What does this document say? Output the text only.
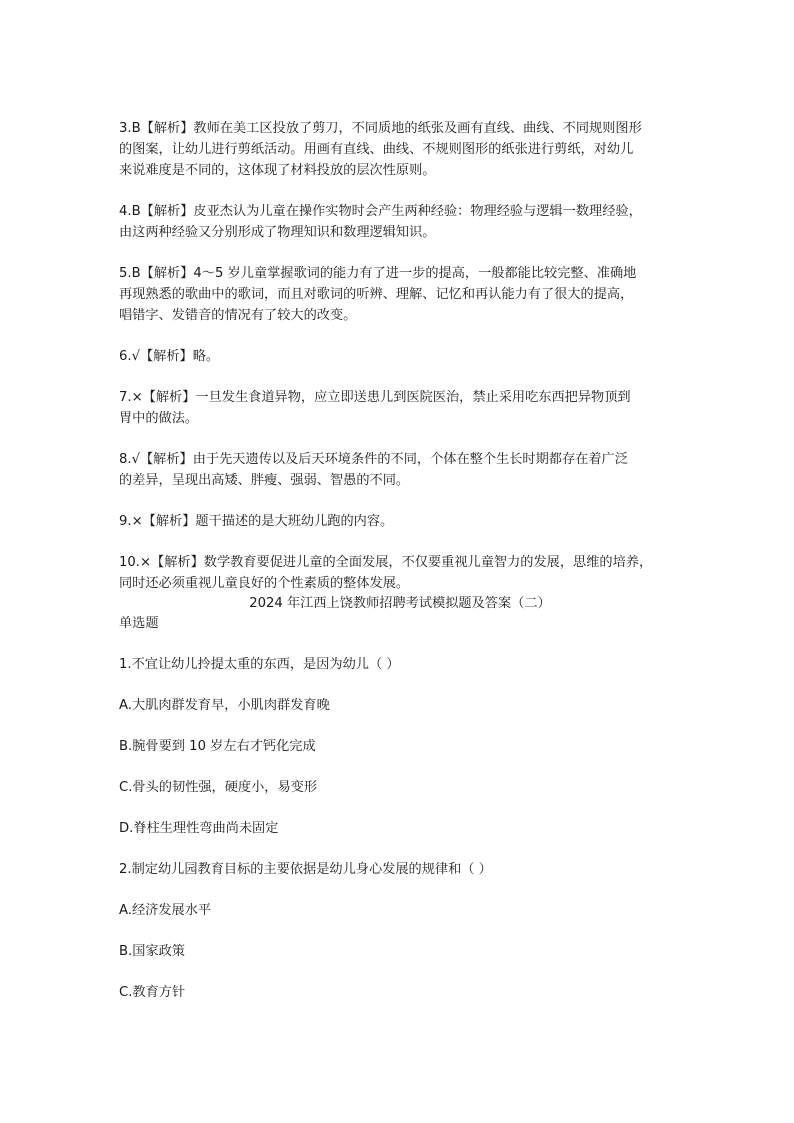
3.B【解析】教师在美工区投放了剪刀，不同质地的纸张及画有直线、曲线、不同规则图形
的图案，让幼儿进行剪纸活动。用画有直线、曲线、不规则图形的纸张进行剪纸，对幼儿
来说难度是不同的，这体现了材料投放的层次性原则。
4.B【解析】皮亚杰认为儿童在操作实物时会产生两种经验：物理经验与逻辑一数理经验，
由这两种经验又分别形成了物理知识和数理逻辑知识。
5.B【解析】4～5 岁儿童掌握歌词的能力有了进一步的提高，一般都能比较完整、准确地
再现熟悉的歌曲中的歌词，而且对歌词的听辨、理解、记忆和再认能力有了很大的提高，
唱错字、发错音的情况有了较大的改变。
6.√【解析】略。
7.×【解析】一旦发生食道异物，应立即送患儿到医院医治，禁止采用吃东西把异物顶到
胃中的做法。
8.√【解析】由于先天遗传以及后天环境条件的不同，个体在整个生长时期都存在着广泛
的差异，呈现出高矮、胖瘦、强弱、智愚的不同。
9.×【解析】题干描述的是大班幼儿跑的内容。
10.×【解析】数学教育要促进儿童的全面发展，不仅要重视儿童智力的发展，思维的培养，
同时还必须重视儿童良好的个性素质的整体发展。
2024 年江西上饶教师招聘考试模拟题及答案（二）
单选题
1.不宜让幼儿拎提太重的东西，是因为幼儿（ ）
A.大肌肉群发育早，小肌肉群发育晚
B.腕骨要到 10 岁左右才钙化完成
C.骨头的韧性强，硬度小，易变形
D.脊柱生理性弯曲尚未固定
2.制定幼儿园教育目标的主要依据是幼儿身心发展的规律和（ ）
A.经济发展水平
B.国家政策
C.教育方针
